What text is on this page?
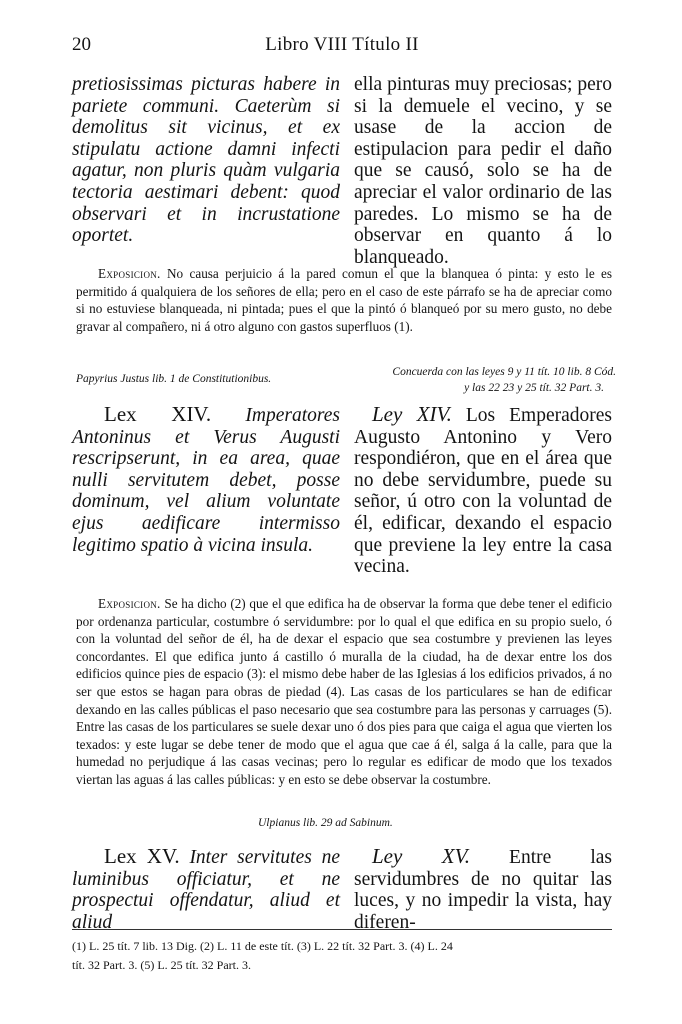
20	Libro VIII Título II
pretiosissimas picturas habere in pariete communi. Caeterùm si demolitus sit vicinus, et ex stipulatu actione damni infecti agatur, non pluris quàm vulgaria tectoria aestimari debent: quod observari et in incrustatione oportet.
ella pinturas muy preciosas; pero si la demuele el vecino, y se usase de la accion de estipulacion para pedir el daño que se causó, solo se ha de apreciar el valor ordinario de las paredes. Lo mismo se ha de observar en quanto á lo blanqueado.
Exposicion. No causa perjuicio á la pared comun el que la blanquea ó pinta: y esto le es permitido á qualquiera de los señores de ella; pero en el caso de este párrafo se ha de apreciar como si no estuviese blanqueada, ni pintada; pues el que la pintó ó blanqueó por su mero gusto, no debe gravar al compañero, ni á otro alguno con gastos superfluos (1).
Papyrius Justus lib. 1 de Constitutionibus.
Concuerda con las leyes 9 y 11 tít. 10 lib. 8 Cód.
y las 22 23 y 25 tít. 32 Part. 3.
Lex XIV. Imperatores Antoninus et Verus Augusti rescripserunt, in ea area, quae nulli servitutem debet, posse dominum, vel alium voluntate ejus aedificare intermisso legitimo spatio à vicina insula.
Ley XIV. Los Emperadores Augusto Antonino y Vero respondiéron, que en el área que no debe servidumbre, puede su señor, ú otro con la voluntad de él, edificar, dexando el espacio que previene la ley entre la casa vecina.
Exposicion. Se ha dicho (2) que el que edifica ha de observar la forma que debe tener el edificio por ordenanza particular, costumbre ó servidumbre: por lo qual el que edifica en su propio suelo, ó con la voluntad del señor de él, ha de dexar el espacio que sea costumbre y previenen las leyes concordantes. El que edifica junto á castillo ó muralla de la ciudad, ha de dexar entre los dos edificios quince pies de espacio (3): el mismo debe haber de las Iglesias á los edificios privados, á no ser que estos se hagan para obras de piedad (4). Las casas de los particulares se han de edificar dexando en las calles públicas el paso necesario que sea costumbre para las personas y carruages (5). Entre las casas de los particulares se suele dexar uno ó dos pies para que caiga el agua que vierten los texados: y este lugar se debe tener de modo que el agua que cae á él, salga á la calle, para que la humedad no perjudique á las casas vecinas; pero lo regular es edificar de modo que los texados viertan las aguas á las calles públicas: y en esto se debe observar la costumbre.
Ulpianus lib. 29 ad Sabinum.
Lex XV. Inter servitutes ne luminibus officiatur, et ne prospectui offendatur, aliud et aliud
Ley XV. Entre las servidumbres de no quitar las luces, y no impedir la vista, hay diferen-
(1) L. 25 tít. 7 lib. 13 Dig. (2) L. 11 de este tít. (3) L. 22 tít. 32 Part. 3. (4) L. 24
tít. 32 Part. 3. (5) L. 25 tít. 32 Part. 3.
